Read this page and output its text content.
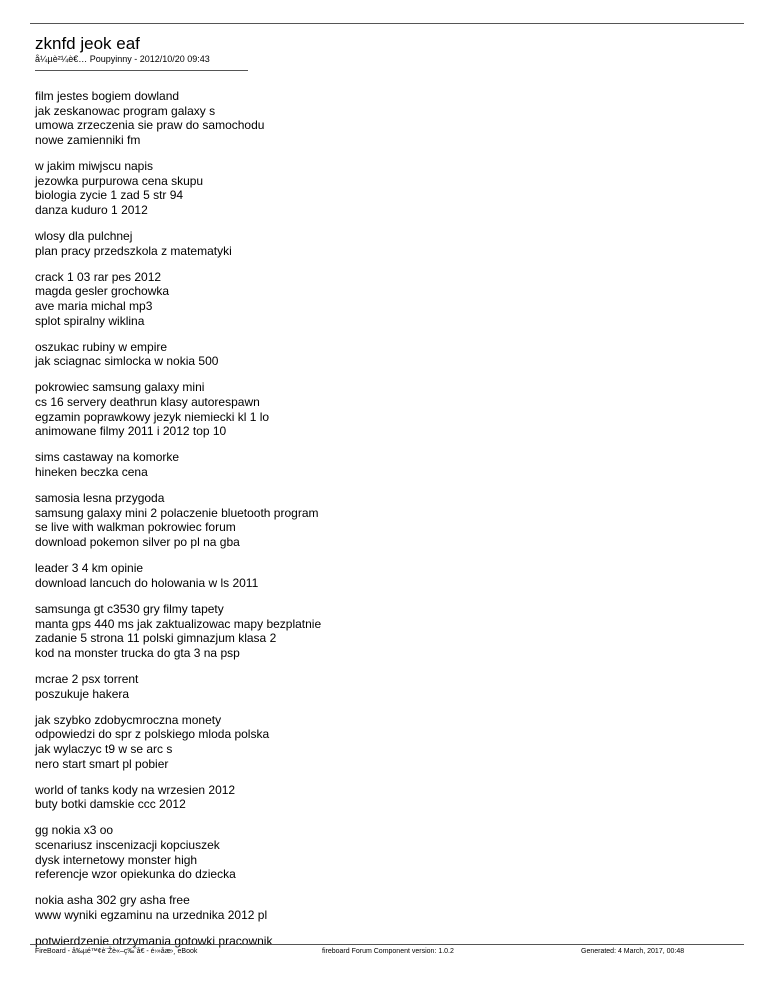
zknfd jeok eaf
å¼µè²¼è€… Poupyinny - 2012/10/20 09:43
film jestes bogiem dowland
jak zeskanowac program galaxy s
umowa zrzeczenia sie praw do samochodu
nowe zamienniki fm
w jakim miwjscu napis
jezowka purpurowa cena skupu
biologia zycie 1 zad 5 str 94
danza kuduro 1 2012
wlosy dla pulchnej
plan pracy przedszkola z matematyki
crack 1 03 rar pes 2012
magda gesler grochowka
ave maria michal mp3
splot spiralny wiklina
oszukac rubiny w empire
jak sciagnac simlocka w nokia 500
pokrowiec samsung galaxy mini
cs 16 servery deathrun klasy autorespawn
egzamin poprawkowy jezyk niemiecki kl 1 lo
animowane filmy 2011 i 2012 top 10
sims castaway na komorke
hineken beczka cena
samosia lesna przygoda
samsung galaxy mini 2 polaczenie bluetooth program
se live with walkman pokrowiec forum
download pokemon silver po pl na gba
leader 3 4 km opinie
download lancuch do holowania w ls 2011
samsunga gt c3530 gry filmy tapety
manta gps 440 ms jak zaktualizowac mapy bezplatnie
zadanie 5 strona 11 polski gimnazjum klasa 2
kod na monster trucka do gta 3 na psp
mcrae 2 psx torrent
poszukuje hakera
jak szybko zdobycmroczna monety
odpowiedzi do spr z polskiego mloda polska
jak wylaczyc t9 w se arc s
nero start smart pl pobier
world of tanks kody na wrzesien 2012
buty botki damskie ccc 2012
gg nokia x3 oo
scenariusz inscenizacji kopciuszek
dysk internetowy monster high
referencje wzor opiekunka do dziecka
nokia asha 302 gry asha free
www wyniki egzaminu na urzednika 2012 pl
potwierdzenie otrzymania gotowki pracownik
FireBoard - å‰µé™¢è¨Žè«–ç‰ˆå€ - é›»åæ›¸ eBook	fireboard Forum Component version: 1.0.2	Generated: 4 March, 2017, 00:48
